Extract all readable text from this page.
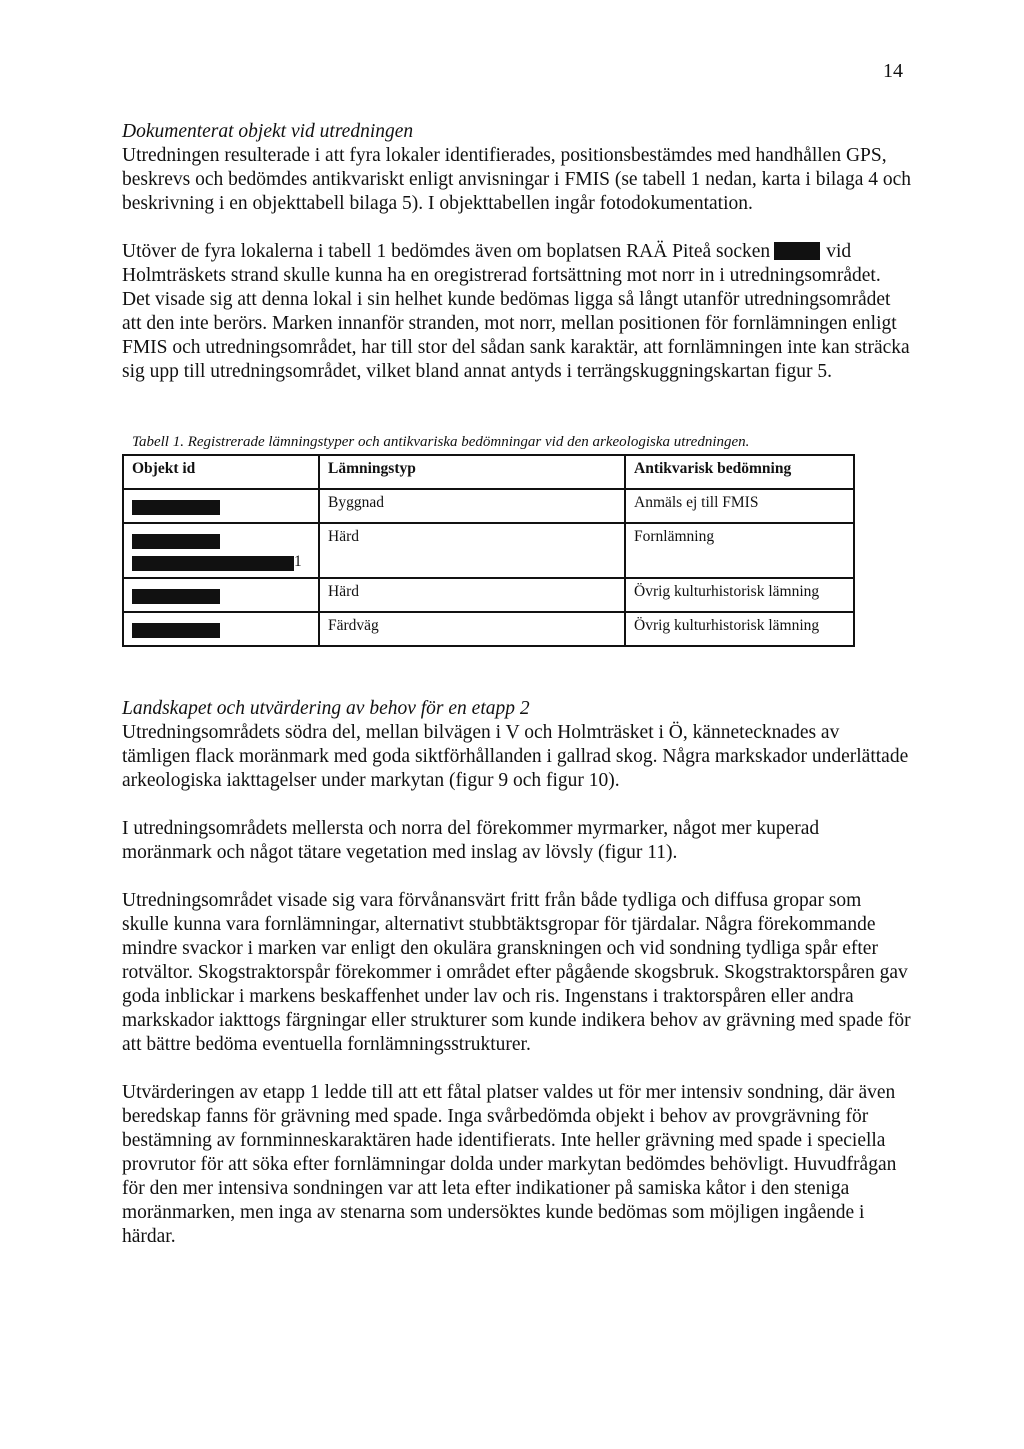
14
Dokumenterat objekt vid utredningen

Utredningen resulterade i att fyra lokaler identifierades, positionsbestämdes med handhållen GPS, beskrevs och bedömdes antikvariskt enligt anvisningar i FMIS (se tabell 1 nedan, karta i bilaga 4 och beskrivning i en objekttabell bilaga 5). I objekttabellen ingår fotodokumentation.

Utöver de fyra lokalerna i tabell 1 bedömdes även om boplatsen RAÄ Piteå socken	vid Holmträskets strand skulle kunna ha en oregistrerad fortsättning mot norr in i utredningsområdet. Det visade sig att denna lokal i sin helhet kunde bedömas ligga så långt utanför utredningsområdet att den inte berörs. Marken innanför stranden, mot norr, mellan positionen för fornlämningen enligt FMIS och utredningsområdet, har till stor del sådan sank karaktär, att fornlämningen inte kan sträcka sig upp till utredningsområdet, vilket bland annat antyds i terrängskuggningskartan figur 5.

Tabell 1. Registrerade lämningstyper och antikvariska bedömningar vid den arkeologiska utredningen.
Objekt id	Lämningstyp	Antikvarisk bedömning

	Byggnad	Anmäls ej till FMIS

1	Härd	Fornlämning

	Härd	Övrig kulturhistorisk lämning

	Färdväg	Övrig kulturhistorisk lämning
Landskapet och utvärdering av behov för en etapp 2

Utredningsområdets södra del, mellan bilvägen i V och Holmträsket i Ö, kännetecknades av tämligen flack moränmark med goda siktförhållanden i gallrad skog. Några markskador underlättade arkeologiska iakttagelser under markytan (figur 9 och figur 10).

I utredningsområdets mellersta och norra del förekommer myrmarker, något mer kuperad moränmark och något tätare vegetation med inslag av lövsly (figur 11).

Utredningsområdet visade sig vara förvånansvärt fritt från både tydliga och diffusa gropar som skulle kunna vara fornlämningar, alternativt stubbtäktsgropar för tjärdalar. Några förekommande mindre svackor i marken var enligt den okulära granskningen och vid sondning tydliga spår efter rotvältor. Skogstraktorspår förekommer i området efter pågående skogsbruk. Skogstraktorspåren gav goda inblickar i markens beskaffenhet under lav och ris. Ingenstans i traktorspåren eller andra markskador iakttogs färgningar eller strukturer som kunde indikera behov av grävning med spade för att bättre bedöma eventuella fornlämningsstrukturer.

Utvärderingen av etapp 1 ledde till att ett fåtal platser valdes ut för mer intensiv sondning, där även beredskap fanns för grävning med spade. Inga svårbedömda objekt i behov av provgrävning för bestämning av fornminneskaraktären hade identifierats. Inte heller grävning med spade i speciella provrutor för att söka efter fornlämningar dolda under markytan bedömdes behövligt. Huvudfrågan för den mer intensiva sondningen var att leta efter indikationer på samiska kåtor i den steniga moränmarken, men inga av stenarna som undersöktes kunde bedömas som möjligen ingående i härdar.
